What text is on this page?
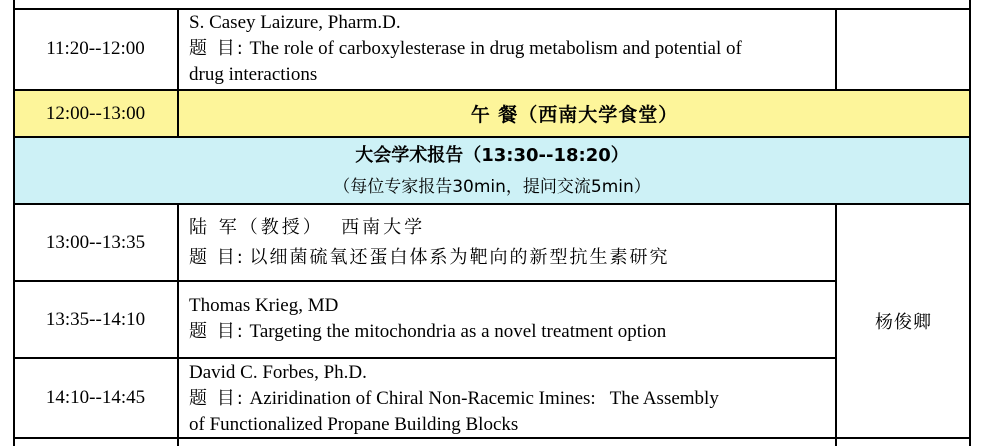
11:20--12:00
S. Casey Laizure, Pharm.D.
题 目: The role of carboxylesterase in drug metabolism and potential of
drug interactions
12:00--13:00	午 餐（西南大学食堂）
大会学术报告（13:30--18:20）
（每位专家报告30min，提问交流5min）
13:00--13:35
陆 军（教授）  西南大学
题 目: 以细菌硫氧还蛋白体系为靶向的新型抗生素研究
13:35--14:10
Thomas Krieg, MD
题 目: Targeting the mitochondria as a novel treatment option	杨俊卿
14:10--14:45
David C. Forbes, Ph.D.
题 目: Aziridination of Chiral Non-Racemic Imines:   The Assembly
of Functionalized Propane Building Blocks
